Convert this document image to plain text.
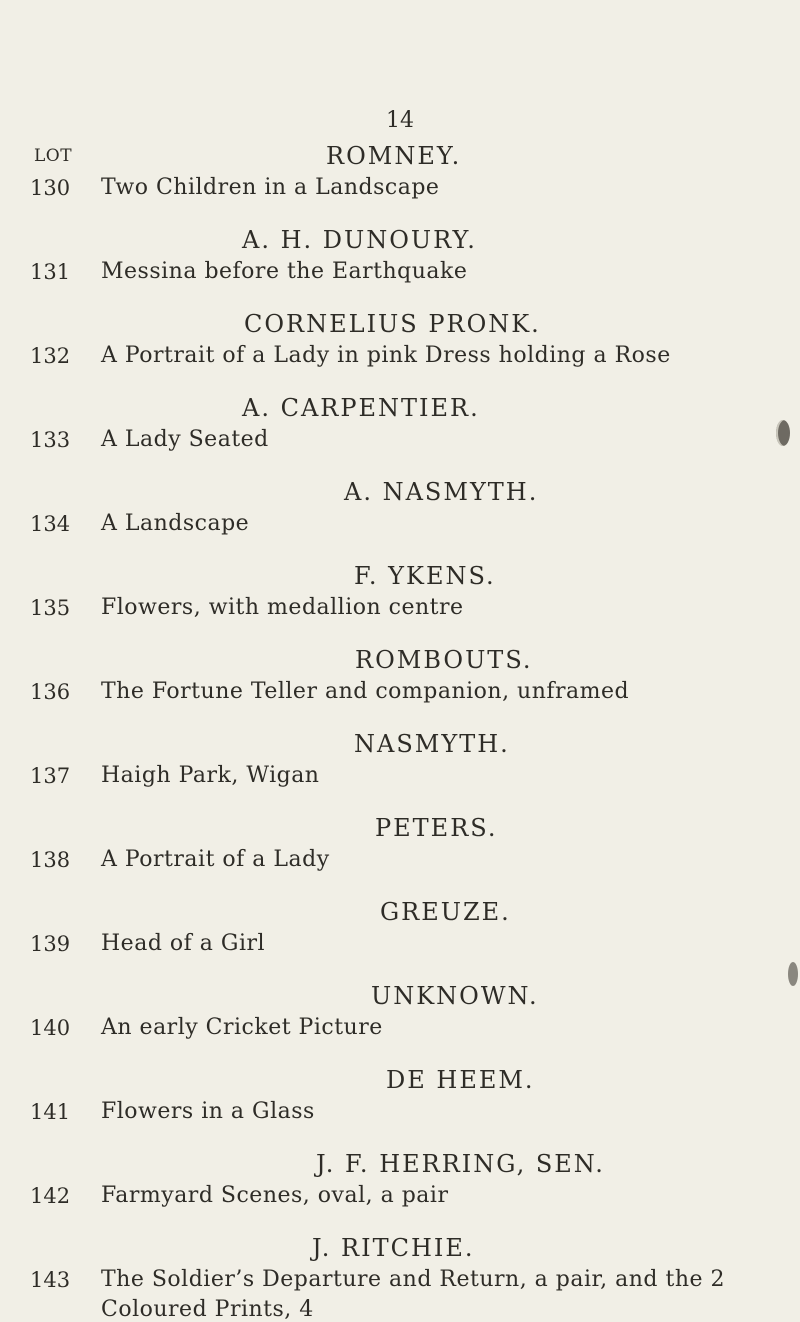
14
LOT	ROMNEY.
130 Two Children in a Landscape
A. H. DUNOURY.
131 Messina before the Earthquake
CORNELIUS PRONK.
132 A Portrait of a Lady in pink Dress holding a Rose
A. CARPENTIER.
133 A Lady Seated
A. NASMYTH.
134 A Landscape
F. YKENS.
135 Flowers, with medallion centre
ROMBOUTS.
136 The Fortune Teller and companion, unframed
NASMYTH.
137 Haigh Park, Wigan
PETERS.
138 A Portrait of a Lady
GREUZE.
139 Head of a Girl
UNKNOWN.
140 An early Cricket Picture
DE HEEM.
141 Flowers in a Glass
J. F. HERRING, SEN.
142 Farmyard Scenes, oval, a pair
J. RITCHIE.
143 The Soldier’s Departure and Return, a pair, and the 2
Coloured Prints, 4
